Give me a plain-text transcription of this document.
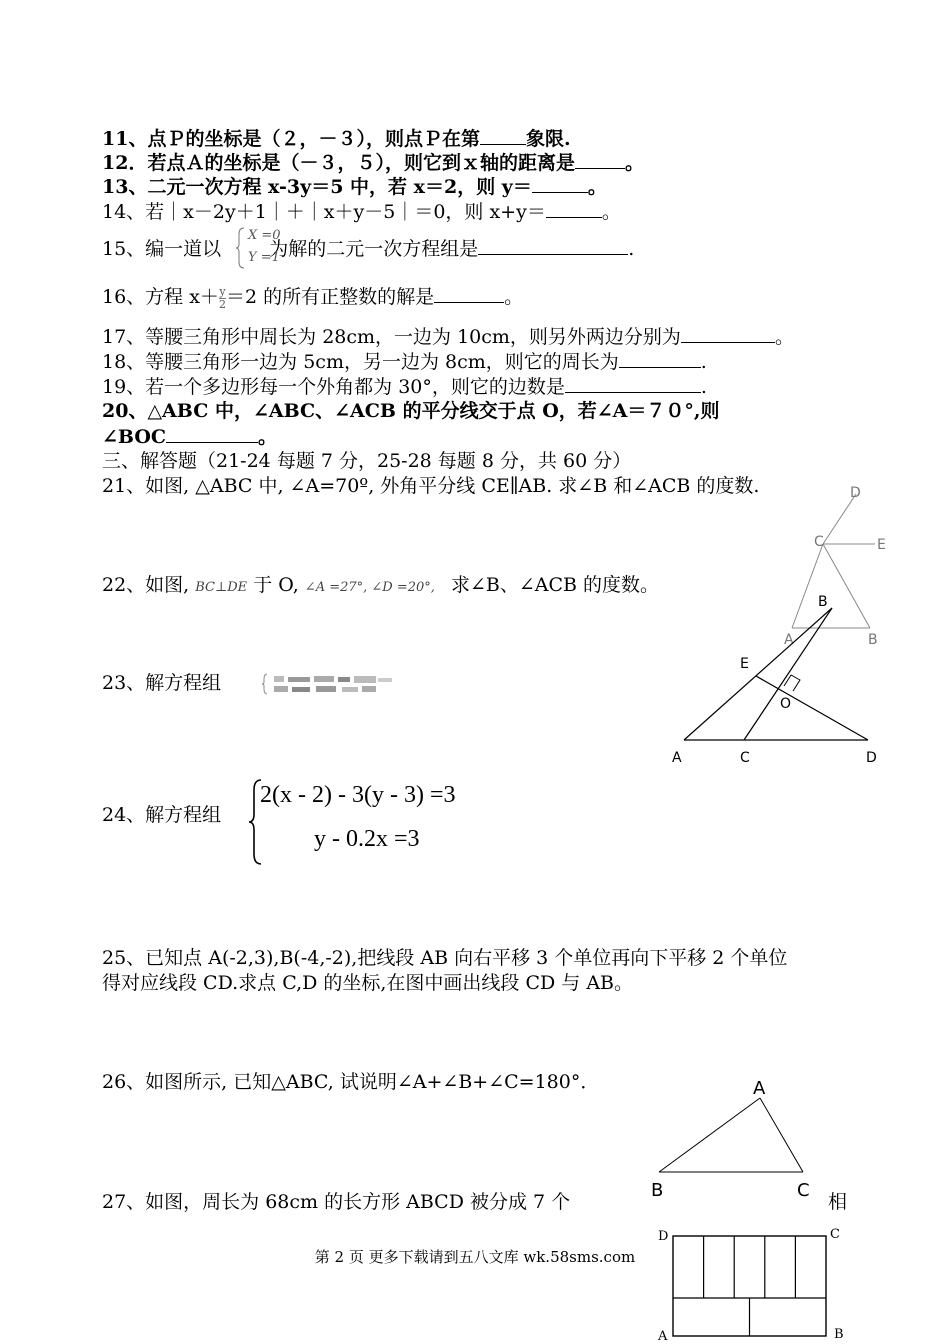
11、点Ｐ的坐标是（２，－３），则点Ｐ在第 象限.
12．若点Ａ的坐标是（－３，５），则它到ｘ轴的距离是	。
13、二元一次方程 x-3y＝5 中，若 x＝2，则 y＝	。
14、若｜x－2y＋1｜＋｜x＋y－5｜＝0，则 x+y＝	。
15、编一道以	为解的二元一次方程组是	.
X =0
Y =1
16、方程 $x+ \frac{y}{2} =2$ 的所有正整数的解是	。
17、等腰三角形中周长为 28cm，一边为 10cm，则另外两边分别为	。
18、等腰三角形一边为 5cm，另一边为 8cm，则它的周长为	.
19、若一个多边形每一个外角都为 30°，则它的边数是	.
20、△ABC 中，∠ABC、∠ACB 的平分线交于点 O，若∠A＝７０°,则
∠BOC	。
三、解答题（21-24 每题 7 分，25-28 每题 8 分，共 60 分）
21、如图, △ABC 中, ∠A=70º, 外角平分线 CE∥AB. 求∠B 和∠ACB 的度数.
22、如图, BC⊥DE 于 O, ∠A =27°, ∠D =20°, 求∠B、∠ACB 的度数。
23、解方程组
24、解方程组
2(x - 2) - 3(y - 3) =3
y - 0.2x =3
25、已知点 A(-2,3),B(-4,-2),把线段 AB 向右平移 3 个单位再向下平移 2 个单位
得对应线段 CD.求点 C,D 的坐标,在图中画出线段 CD 与 AB。
26、如图所示, 已知△ABC, 试说明∠A+∠B+∠C=180°．
27、如图，周长为 68cm 的长方形 ABCD 被分成 7 个	相
D
C	E
A	B
B
E
O
A	C	D
A
B	C
D	C
A	B
第 2 页 更多下载请到五八文库 wk.58sms.com
